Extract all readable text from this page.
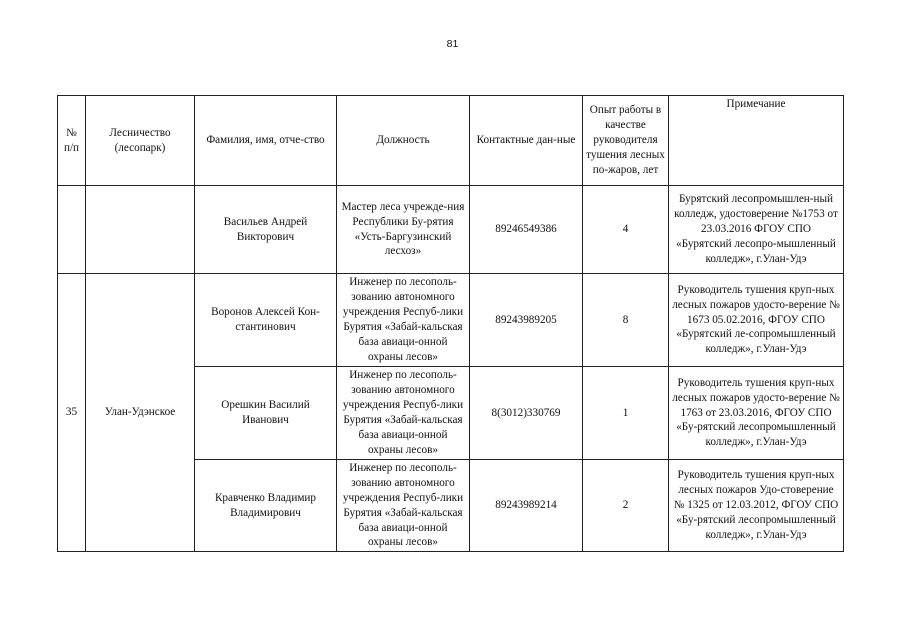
81
№ п/п	Лесничество (лесопарк)	Фамилия, имя, отче-ство	Должность	Контактные дан-ные	Опыт работы в качестве руководителя тушения лесных по-жаров, лет	Примечание
		Васильев Андрей Викторович	Мастер леса учрежде-ния Республики Бу-рятия «Усть-Баргузинский лесхоз»	89246549386	4	Бурятский лесопромышлен-ный колледж, удостоверение №1753 от 23.03.2016 ФГОУ СПО «Бурятский лесопро-мышленный колледж», г.Улан-Удэ
35	Улан-Удэнское	Воронов Алексей Кон-стантинович	Инженер по лесополь-зованию автономного учреждения Респуб-лики Бурятия «Забай-кальская база авиаци-онной охраны лесов»	89243989205	8	Руководитель тушения круп-ных лесных пожаров удосто-верение № 1673 05.02.2016, ФГОУ СПО «Бурятский ле-сопромышленный колледж», г.Улан-Удэ
		Орешкин Василий Иванович	Инженер по лесополь-зованию автономного учреждения Респуб-лики Бурятия «Забай-кальская база авиаци-онной охраны лесов»	8(3012)330769	1	Руководитель тушения круп-ных лесных пожаров удосто-верение № 1763 от 23.03.2016, ФГОУ СПО «Бу-рятский лесопромышленный колледж», г.Улан-Удэ
		Кравченко Владимир Владимирович	Инженер по лесополь-зованию автономного учреждения Респуб-лики Бурятия «Забай-кальская база авиаци-онной охраны лесов»	89243989214	2	Руководитель тушения круп-ных лесных пожаров Удо-стоверение № 1325 от 12.03.2012, ФГОУ СПО «Бу-рятский лесопромышленный колледж», г.Улан-Удэ
